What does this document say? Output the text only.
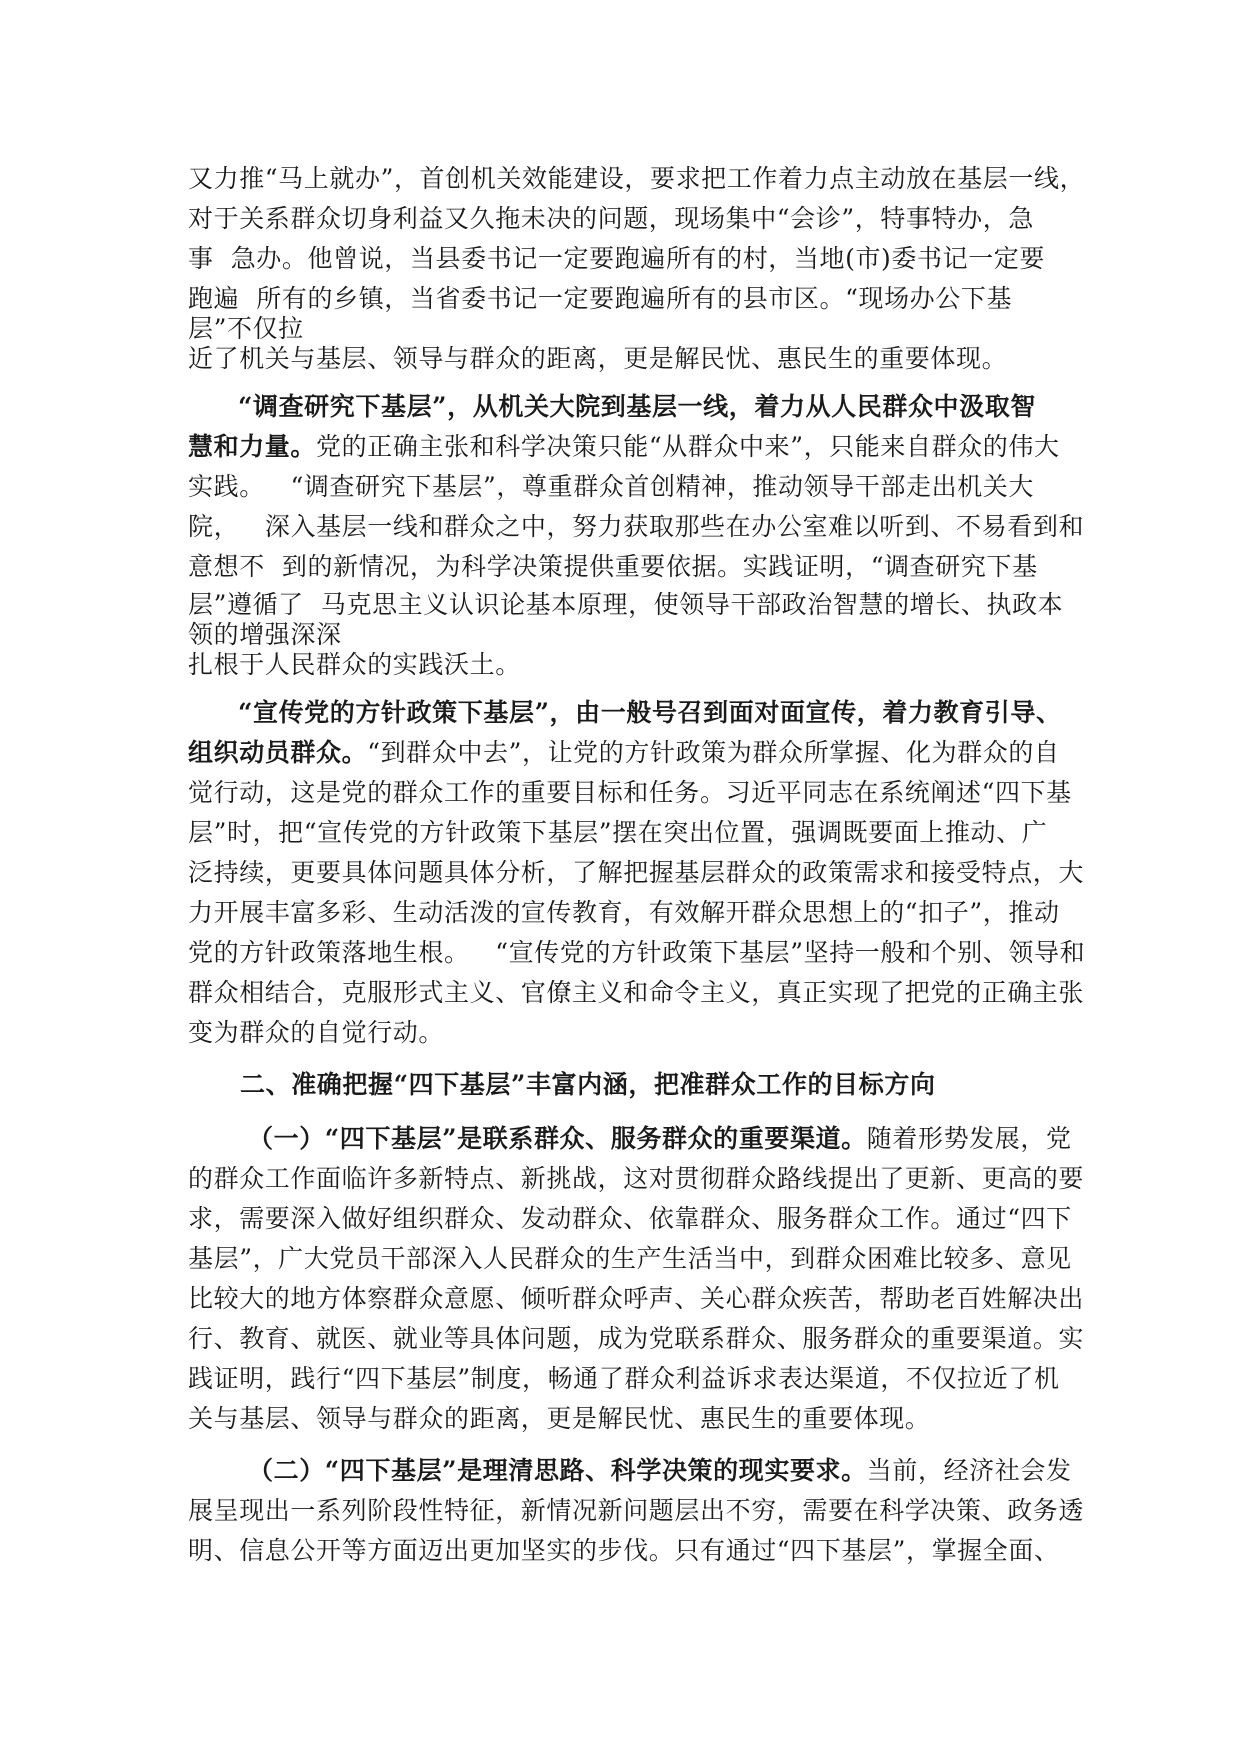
又力推“马上就办”，首创机关效能建设，要求把工作着力点主动放在基层一线，
对于关系群众切身利益又久拖未决的问题，现场集中“会诊”，特事特办，急
事  急办。他曾说，当县委书记一定要跑遍所有的村，当地(市)委书记一定要
跑遍  所有的乡镇，当省委书记一定要跑遍所有的县市区。“现场办公下基
层”不仅拉
近了机关与基层、领导与群众的距离，更是解民忧、惠民生的重要体现。
“调查研究下基层”，从机关大院到基层一线，着力从人民群众中汲取智
慧和力量。党的正确主张和科学决策只能“从群众中来”，只能来自群众的伟大
实践。   “调查研究下基层”，尊重群众首创精神，推动领导干部走出机关大
院，   深入基层一线和群众之中，努力获取那些在办公室难以听到、不易看到和
意想不  到的新情况，为科学决策提供重要依据。实践证明，“调查研究下基
层”遵循了  马克思主义认识论基本原理，使领导干部政治智慧的增长、执政本
领的增强深深
扎根于人民群众的实践沃土。
“宣传党的方针政策下基层”，由一般号召到面对面宣传，着力教育引导、
组织动员群众。“到群众中去”，让党的方针政策为群众所掌握、化为群众的自
觉行动，这是党的群众工作的重要目标和任务。习近平同志在系统阐述“四下基
层”时，把“宣传党的方针政策下基层”摆在突出位置，强调既要面上推动、广
泛持续，更要具体问题具体分析，了解把握基层群众的政策需求和接受特点，大
力开展丰富多彩、生动活泼的宣传教育，有效解开群众思想上的“扣子”，推动
党的方针政策落地生根。   “宣传党的方针政策下基层”坚持一般和个别、领导和
群众相结合，克服形式主义、官僚主义和命令主义，真正实现了把党的正确主张
变为群众的自觉行动。
二、准确把握“四下基层”丰富内涵，把准群众工作的目标方向
（一）“四下基层”是联系群众、服务群众的重要渠道。随着形势发展，党
的群众工作面临许多新特点、新挑战，这对贯彻群众路线提出了更新、更高的要
求，需要深入做好组织群众、发动群众、依靠群众、服务群众工作。通过“四下
基层”，广大党员干部深入人民群众的生产生活当中，到群众困难比较多、意见
比较大的地方体察群众意愿、倾听群众呼声、关心群众疾苦，帮助老百姓解决出
行、教育、就医、就业等具体问题，成为党联系群众、服务群众的重要渠道。实
践证明，践行“四下基层”制度，畅通了群众利益诉求表达渠道，不仅拉近了机
关与基层、领导与群众的距离，更是解民忧、惠民生的重要体现。
（二）“四下基层”是理清思路、科学决策的现实要求。当前，经济社会发
展呈现出一系列阶段性特征，新情况新问题层出不穷，需要在科学决策、政务透
明、信息公开等方面迈出更加坚实的步伐。只有通过“四下基层”，掌握全面、
